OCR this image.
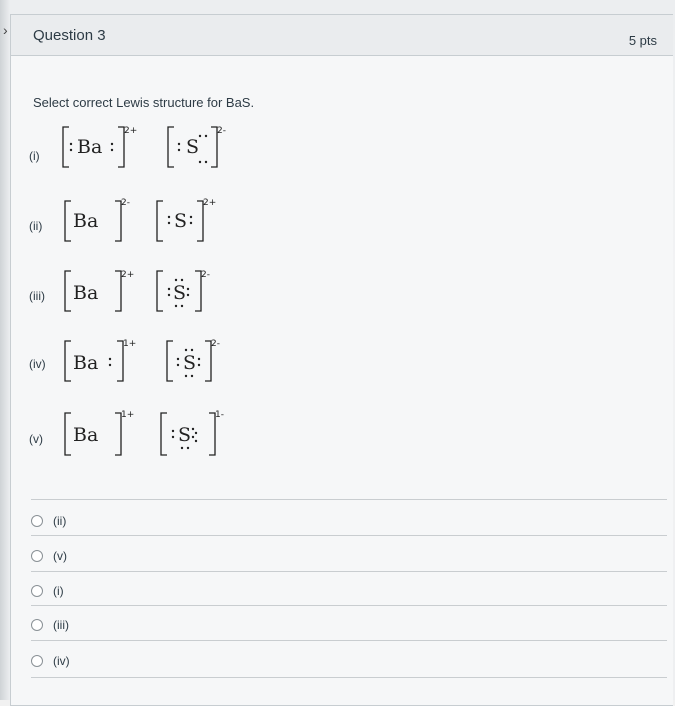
› Question 3	5 pts
Select correct Lewis structure for BaS.
(i)
(ii)
(iii)
(iv)
(v)
Ba
2+
S
2-
Ba
2-
S
2+
Ba
2+
S
2-
Ba
1+
S
2-
Ba
1+
S
1-
(ii)
(v)
(i)
(iii)
(iv)
